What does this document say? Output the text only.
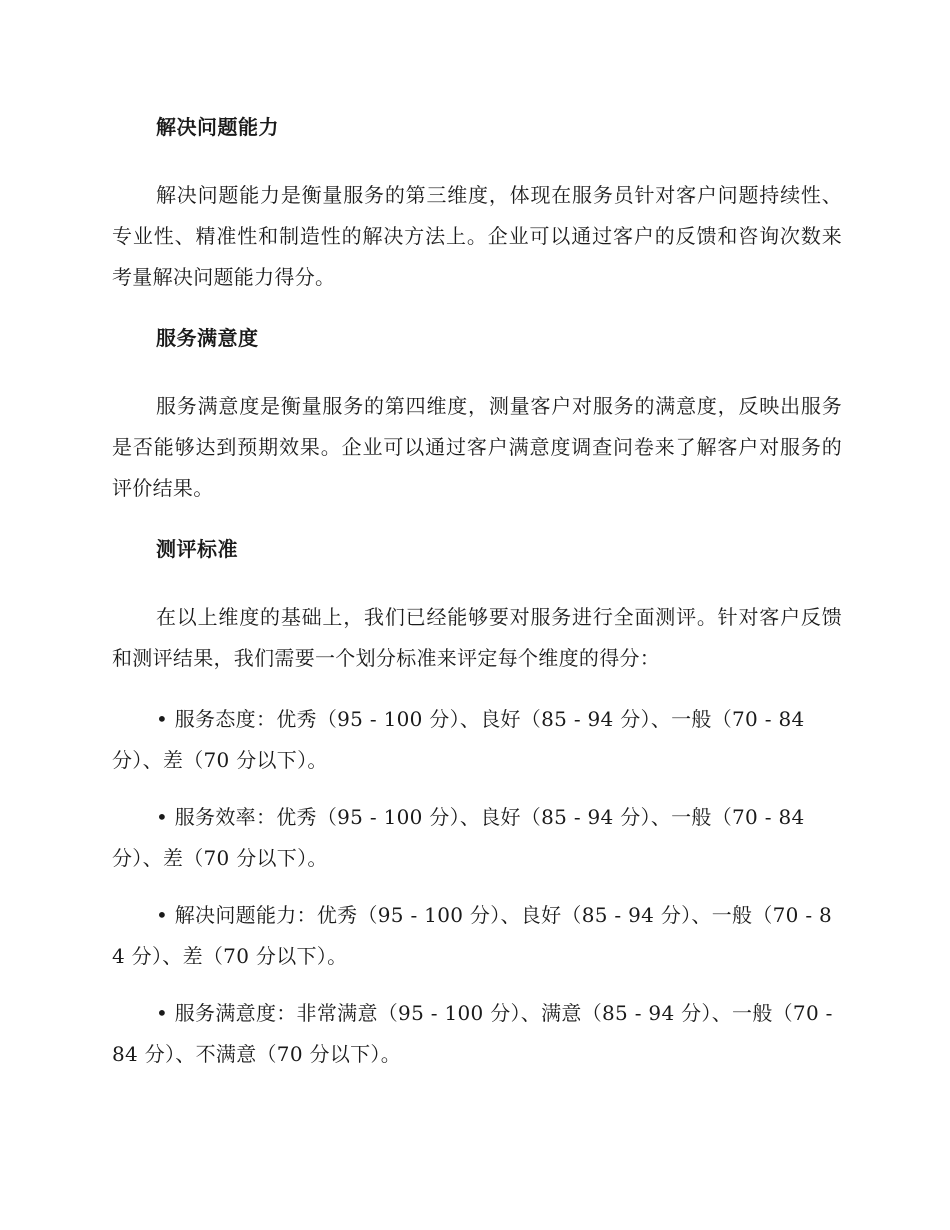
解决问题能力

解决问题能力是衡量服务的第三维度，体现在服务员针对客户问题持续性、专业性、精准性和制造性的解决方法上。企业可以通过客户的反馈和咨询次数来考量解决问题能力得分。

服务满意度

服务满意度是衡量服务的第四维度，测量客户对服务的满意度，反映出服务是否能够达到预期效果。企业可以通过客户满意度调查问卷来了解客户对服务的评价结果。

测评标准

在以上维度的基础上，我们已经能够要对服务进行全面测评。针对客户反馈和测评结果，我们需要一个划分标准来评定每个维度的得分：

• 服务态度：优秀（95 - 100 分）、良好（85 - 94 分）、一般（70 - 84 分）、差（70 分以下）。

• 服务效率：优秀（95 - 100 分）、良好（85 - 94 分）、一般（70 - 84 分）、差（70 分以下）。

• 解决问题能力：优秀（95 - 100 分）、良好（85 - 94 分）、一般（70 - 84 分）、差（70 分以下）。

• 服务满意度：非常满意（95 - 100 分）、满意（85 - 94 分）、一般（70 - 84 分）、不满意（70 分以下）。
